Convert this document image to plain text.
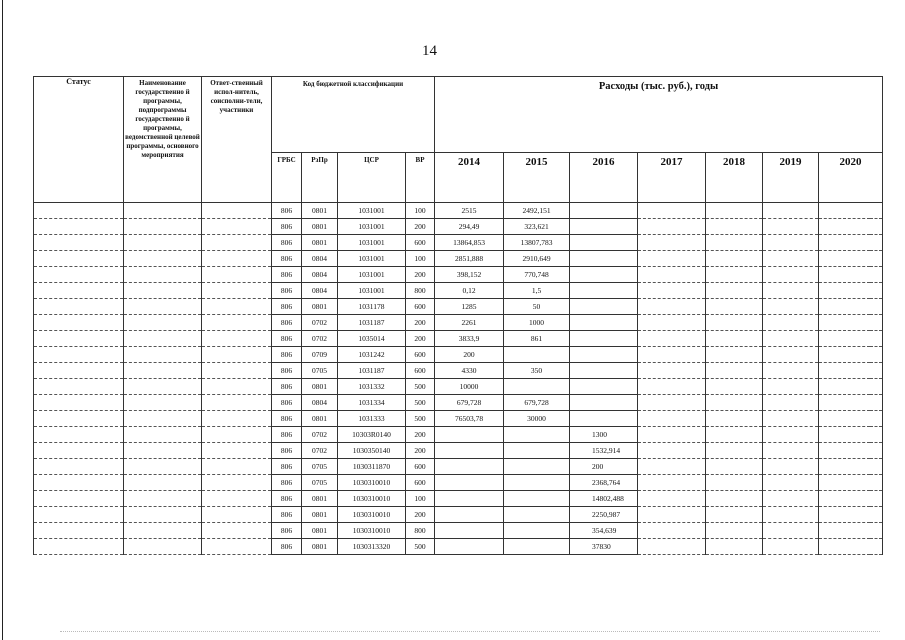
14
Статус	Наименование государственно й программы, подпрограммы государственно й программы, ведомственной целевой программы, основного мероприятия	Ответ-ственный испол-нитель, соисполни-тели, участники	Код бюджетной классификации				Расходы (тыс. руб.), годы						
			ГРБС	РзПр	ЦСР	ВР	2014	2015	2016	2017	2018	2019	2020
			806	0801	1031001	100	2515	2492,151					
			806	0801	1031001	200	294,49	323,621					
			806	0801	1031001	600	13864,853	13807,783					
			806	0804	1031001	100	2851,888	2910,649					
			806	0804	1031001	200	398,152	770,748					
			806	0804	1031001	800	0,12	1,5					
			806	0801	1031178	600	1285	50					
			806	0702	1031187	200	2261	1000					
			806	0702	1035014	200	3833,9	861					
			806	0709	1031242	600	200						
			806	0705	1031187	600	4330	350					
			806	0801	1031332	500	10000						
			806	0804	1031334	500	679,728	679,728					
			806	0801	1031333	500	76503,78	30000					
			806	0702	10303R0140	200			1300				
			806	0702	1030350140	200			1532,914				
			806	0705	1030311870	600			200				
			806	0705	1030310010	600			2368,764				
			806	0801	1030310010	100			14802,488				
			806	0801	1030310010	200			2250,987				
			806	0801	1030310010	800			354,639				
			806	0801	1030313320	500			37830				
